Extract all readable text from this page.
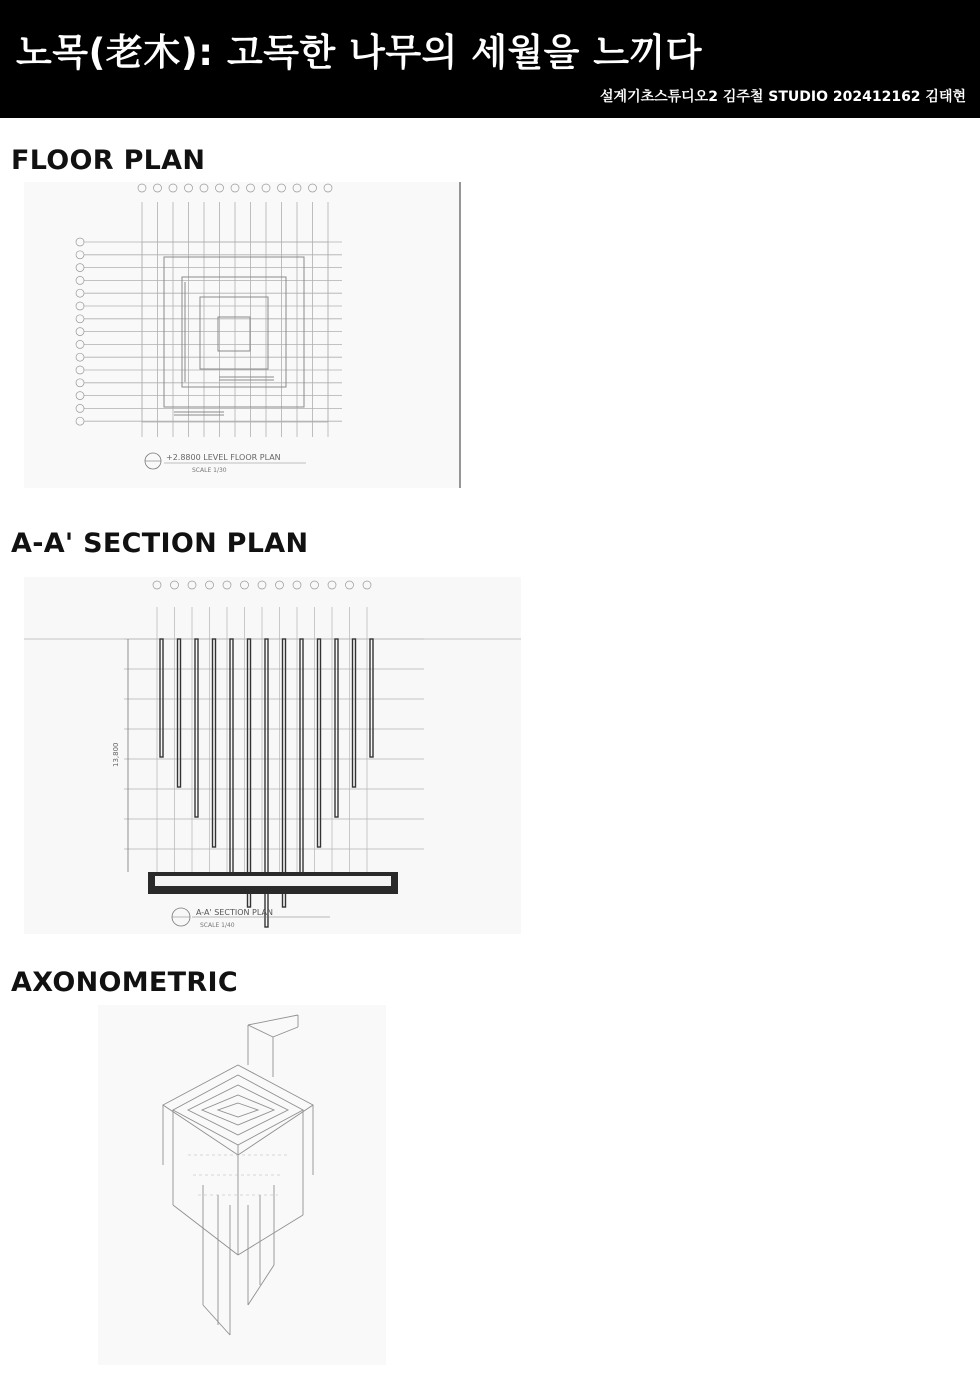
노목(老木): 고독한 나무의 세월을 느끼다
설계기초스튜디오2 김주철 STUDIO 202412162 김태현
FLOOR PLAN
+2.8800 LEVEL FLOOR PLAN
SCALE 1/30
A-A' SECTION PLAN
13,800
A-A' SECTION PLAN
SCALE 1/40
AXONOMETRIC
